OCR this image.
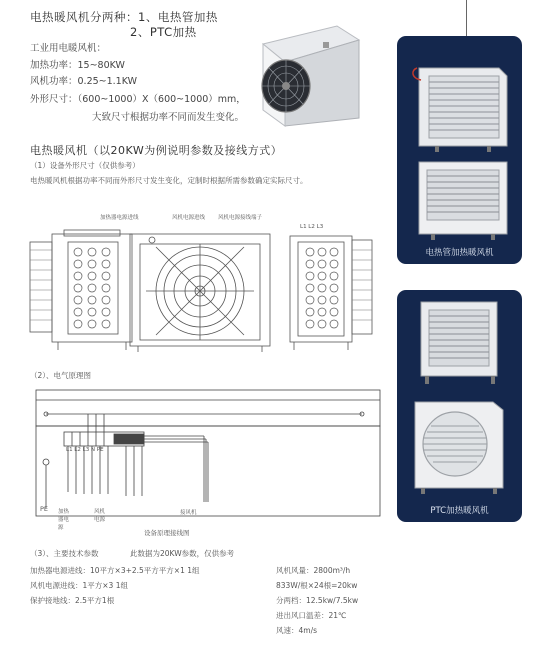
电热暖风机分两种：1、电热管加热
2、PTC加热
工业用电暖风机：
加热功率：15~80KW
风机功率：0.25~1.1KW
外形尺寸：（600~1000）X（600~1000）mm，
大致尺寸根据功率不同而发生变化。
电热暖风机（以20KW为例说明参数及接线方式）
（1）设备外形尺寸（仅供参考）
电热暖风机根据功率不同而外形尺寸发生变化，定制时根据所需参数确定实际尺寸。
加热器电源进线	风机电源进线 风机电源接线端子
L1 L2 L3
（2）、电气原理图
L1 L2 L3 N PE
PE 加热器电源
风机电源
接风机
设备原理接线图
（3）、主要技术参数	此数据为20KW参数，仅供参考
加热器电源进线：10平方×3+2.5平方平方×1 1组
风机电源进线：1平方×3 1组
保护接地线：2.5平方1根
风机风量：2800m³/h
833W/根×24根=20kw
分两档：12.5kw/7.5kw
进出风口温差：21℃
风速：4m/s
电热管加热暖风机
PTC加热暖风机
